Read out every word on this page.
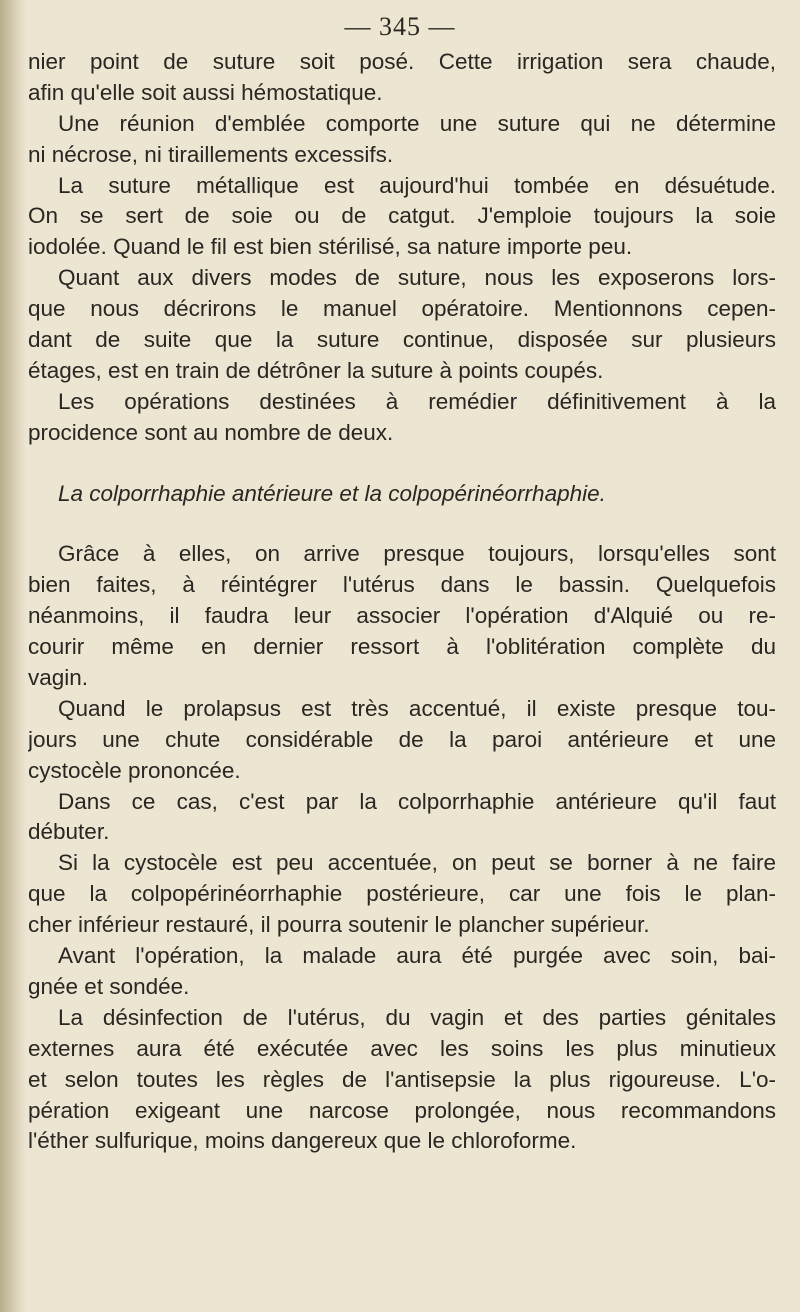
— 345 —
nier point de suture soit posé. Cette irrigation sera chaude,
afin qu'elle soit aussi hémostatique.
Une réunion d'emblée comporte une suture qui ne détermine
ni nécrose, ni tiraillements excessifs.
La suture métallique est aujourd'hui tombée en désuétude.
On se sert de soie ou de catgut. J'emploie toujours la soie
iodolée. Quand le fil est bien stérilisé, sa nature importe peu.
Quant aux divers modes de suture, nous les exposerons lors-
que nous décrirons le manuel opératoire. Mentionnons cepen-
dant de suite que la suture continue, disposée sur plusieurs
étages, est en train de détrôner la suture à points coupés.
Les opérations destinées à remédier définitivement à la
procidence sont au nombre de deux.
La colporrhaphie antérieure et la colpopérinéorrhaphie.
Grâce à elles, on arrive presque toujours, lorsqu'elles sont
bien faites, à réintégrer l'utérus dans le bassin. Quelquefois
néanmoins, il faudra leur associer l'opération d'Alquié ou re-
courir même en dernier ressort à l'oblitération complète du
vagin.
Quand le prolapsus est très accentué, il existe presque tou-
jours une chute considérable de la paroi antérieure et une
cystocèle prononcée.
Dans ce cas, c'est par la colporrhaphie antérieure qu'il faut
débuter.
Si la cystocèle est peu accentuée, on peut se borner à ne faire
que la colpopérinéorrhaphie postérieure, car une fois le plan-
cher inférieur restauré, il pourra soutenir le plancher supérieur.
Avant l'opération, la malade aura été purgée avec soin, bai-
gnée et sondée.
La désinfection de l'utérus, du vagin et des parties génitales
externes aura été exécutée avec les soins les plus minutieux
et selon toutes les règles de l'antisepsie la plus rigoureuse. L'o-
pération exigeant une narcose prolongée, nous recommandons
l'éther sulfurique, moins dangereux que le chloroforme.
